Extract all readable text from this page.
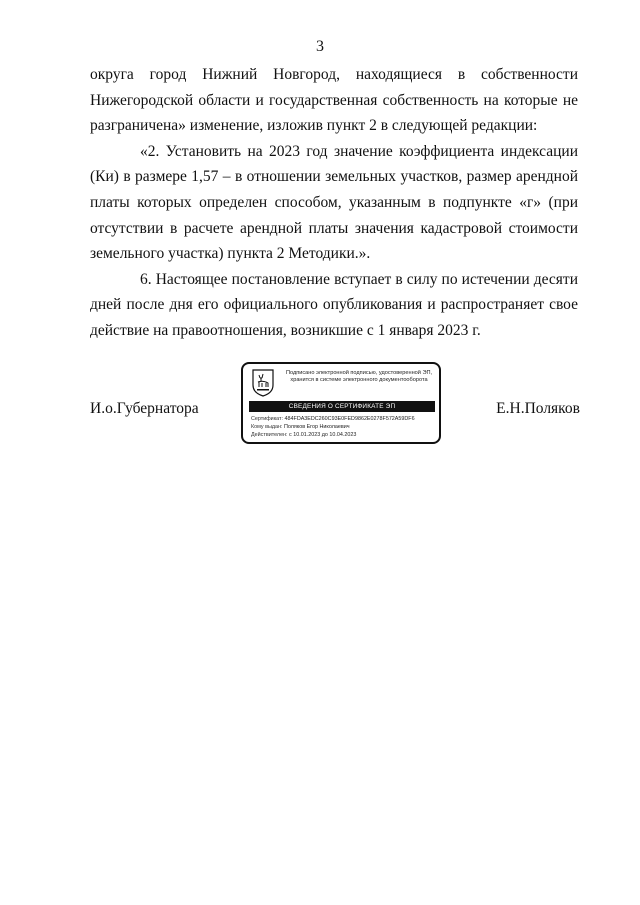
3

округа город Нижний Новгород, находящиеся в собственности Нижегородской области и государственная собственность на которые не разграничена» изменение, изложив пункт 2 в следующей редакции:

«2. Установить на 2023 год значение коэффициента индексации (Ки) в размере 1,57 – в отношении земельных участков, размер арендной платы которых определен способом, указанным в подпункте «г» (при отсутствии в расчете арендной платы значения кадастровой стоимости земельного участка) пункта 2 Методики.».

6. Настоящее постановление вступает в силу по истечении десяти дней после дня его официального опубликования и распространяет свое действие на правоотношения, возникшие с 1 января 2023 г.

И.о.Губернатора
Подписано электронной подписью, удостоверенной ЭП,
хранится в системе электронного документооборота
СВЕДЕНИЯ О СЕРТИФИКАТЕ ЭП
Сертификат: 484FDA3EDC260C93E0FED9862E0278F572A59DF6
Кому выдан: Поляков Егор Николаевич
Действителен: с 10.01.2023 до 10.04.2023
Е.Н.Поляков
